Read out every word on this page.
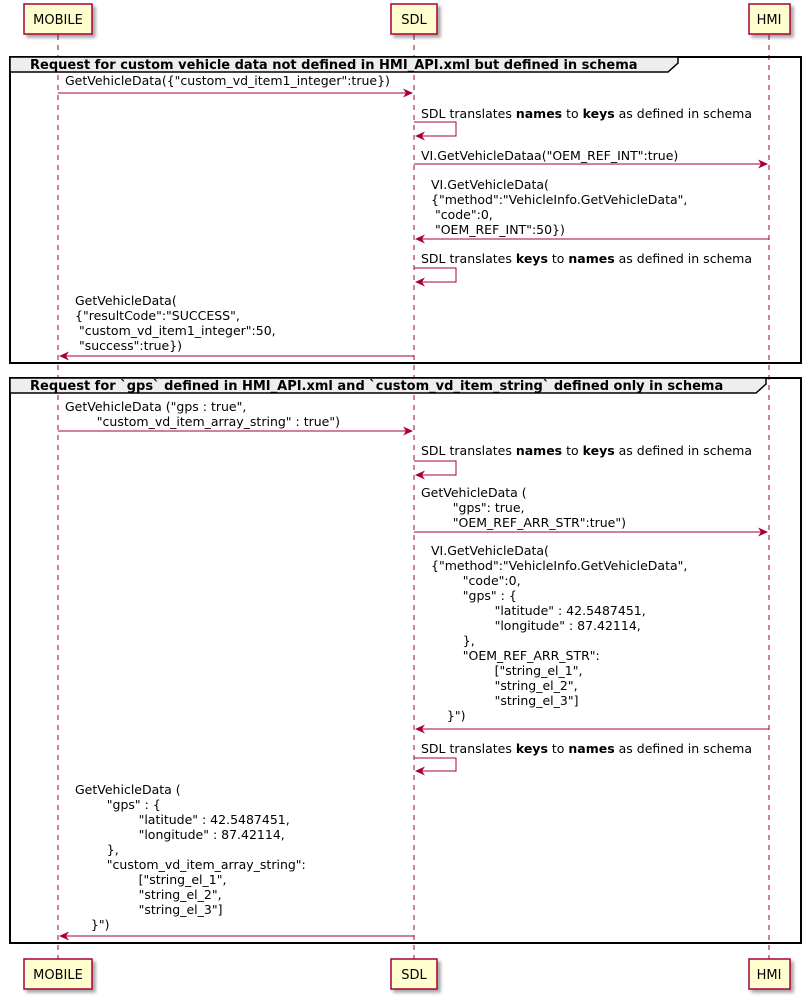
MOBILE	SDL	HMI
MOBILE	SDL	HMI
Request for custom vehicle data not defined in HMI_API.xml but defined in schema
Request for `gps` defined in HMI_API.xml and `custom_vd_item_string` defined only in schema
GetVehicleData({"custom_vd_item1_integer":true})
SDL translates names to keys as defined in schema
VI.GetVehicleDataa("OEM_REF_INT":true)
VI.GetVehicleData(
{"method":"VehicleInfo.GetVehicleData",
"code":0,
"OEM_REF_INT":50})
SDL translates keys to names as defined in schema
GetVehicleData(
{"resultCode":"SUCCESS",
"custom_vd_item1_integer":50,
"success":true})
GetVehicleData ("gps : true",
"custom_vd_item_array_string" : true")
SDL translates names to keys as defined in schema
GetVehicleData (
"gps": true,
"OEM_REF_ARR_STR":true")
VI.GetVehicleData(
{"method":"VehicleInfo.GetVehicleData",
"code":0,
"gps" : {
"latitude" : 42.5487451,
"longitude" : 87.42114,
},
"OEM_REF_ARR_STR":
["string_el_1",
"string_el_2",
"string_el_3"]
}")
SDL translates keys to names as defined in schema
GetVehicleData (
"gps" : {
"latitude" : 42.5487451,
"longitude" : 87.42114,
},
"custom_vd_item_array_string":
["string_el_1",
"string_el_2",
"string_el_3"]
}")
